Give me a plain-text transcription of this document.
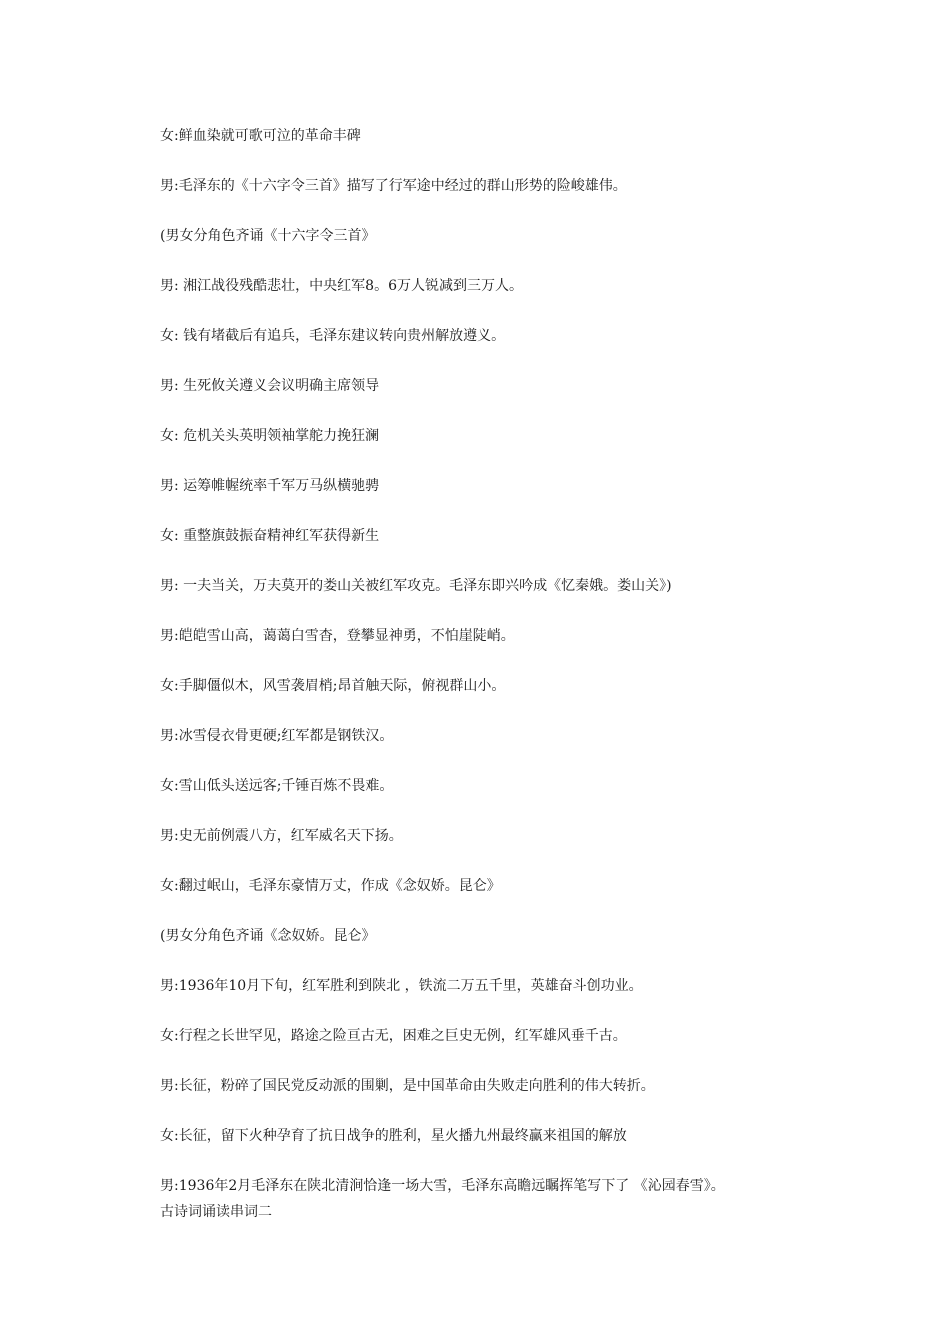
女:鲜血染就可歌可泣的革命丰碑
男:毛泽东的《十六字令三首》描写了行军途中经过的群山形势的险峻雄伟。
(男女分角色齐诵《十六字令三首》
男: 湘江战役残酷悲壮，中央红军8。6万人锐减到三万人。
女: 钱有堵截后有追兵，毛泽东建议转向贵州解放遵义。
男: 生死攸关遵义会议明确主席领导
女: 危机关头英明领袖掌舵力挽狂澜
男: 运筹帷幄统率千军万马纵横驰骋
女: 重整旗鼓振奋精神红军获得新生
男: 一夫当关，万夫莫开的娄山关被红军攻克。毛泽东即兴吟成《忆秦娥。娄山关》)
男:皑皑雪山高，蔼蔼白雪杳，登攀显神勇，不怕崖陡峭。
女:手脚僵似木，风雪袭眉梢;昂首触天际，俯视群山小。
男:冰雪侵衣骨更硬;红军都是钢铁汉。
女:雪山低头送远客;千锤百炼不畏难。
男:史无前例震八方，红军威名天下扬。
女:翻过岷山，毛泽东豪情万丈，作成《念奴娇。昆仑》
(男女分角色齐诵《念奴娇。昆仑》
男:1936年10月下旬，红军胜利到陕北 ，铁流二万五千里，英雄奋斗创功业。
女:行程之长世罕见，路途之险亘古无，困难之巨史无例，红军雄风垂千古。
男:长征，粉碎了国民党反动派的围剿，是中国革命由失败走向胜利的伟大转折。
女:长征，留下火种孕育了抗日战争的胜利，星火播九州最终赢来祖国的解放
男:1936年2月毛泽东在陕北清涧恰逢一场大雪，毛泽东高瞻远瞩挥笔写下了 《沁园春雪》。
古诗词诵读串词二
